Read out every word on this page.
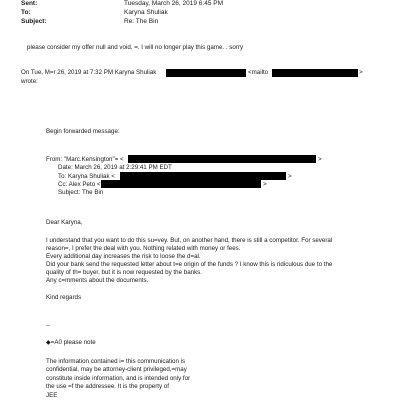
Sent:	Tuesday, March 26, 2019 6:45 PM
To:	Karyna Shuliak
Subject:	Re: The Bin
please consider my offer null and void. =. I will no longer play this game. . sorry
On Tue, M=r 26, 2019 at 7:32 PM Karyna Shuliak	<mailto	>
wrote:
Begin forwarded message:
From: "Marc.Kensington"= <	>
Date: March 26, 2019 at 2:29:41 PM EDT
To: Karyna Shuliak <	>
Cc: Alex Peto <	>
Subject: The Bin
Dear Karyna,
I understand that you want to do this su=vey. But, on another hand, there is still a competitor. For several
reason=, I prefer the deal with you. Nothing related with money or fees.
Every additional day increases the risk to loose the d=al.
Did your bank send the requested letter about t=e origin of the funds ? I know this is ridiculous due to the
quality of th= buyer, but it is now requested by the banks.
Any c=mments about the documents.
Kind regards
--
◆=A0 please note
The information contained i= this communication is
confidential, may be attorney-client privileged,=may
constitute inside information, and is intended only for
the use =f the addressee. It is the property of
JEE
